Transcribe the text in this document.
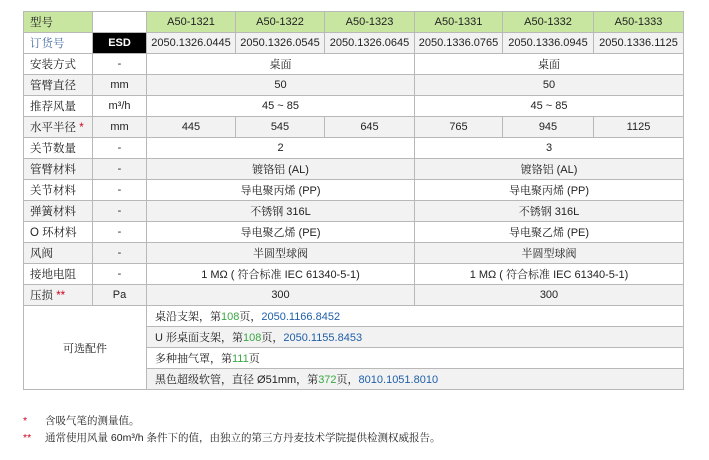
型号		A50-1321	A50-1322	A50-1323	A50-1331	A50-1332	A50-1333
订货号	ESD	2050.1326.0445	2050.1326.0545	2050.1326.0645	2050.1336.0765	2050.1336.0945	2050.1336.1125
安装方式	-	桌面			桌面		
管臂直径	mm	50			50		
推荐风量	m³/h	45 ~ 85			45 ~ 85		
水平半径 *	mm	445	545	645	765	945	1125
关节数量	-	2			3		
管臂材料	-	镀铬铝 (AL)			镀铬铝 (AL)		
关节材料	-	导电聚丙烯 (PP)			导电聚丙烯 (PP)		
弹簧材料	-	不锈钢 316L			不锈钢 316L		
O 环材料	-	导电聚乙烯 (PE)			导电聚乙烯 (PE)		
风阀	-	半圆型球阀			半圆型球阀		
接地电阻	-	1 MΩ ( 符合标准 IEC 61340-5-1)			1 MΩ ( 符合标准 IEC 61340-5-1)		
压损 **	Pa	300			300		
可选配件		桌沿支架，第108页，2050.1166.8452					
		U 形桌面支架，第108页，2050.1155.8453					
		多种抽气罩，第111页					
		黑色超级软管，直径 Ø51mm，第372页，8010.1051.8010					
* 含吸气笔的测量值。
** 通常使用风量 60m³/h 条件下的值，由独立的第三方丹麦技术学院提供检测权威报告。
